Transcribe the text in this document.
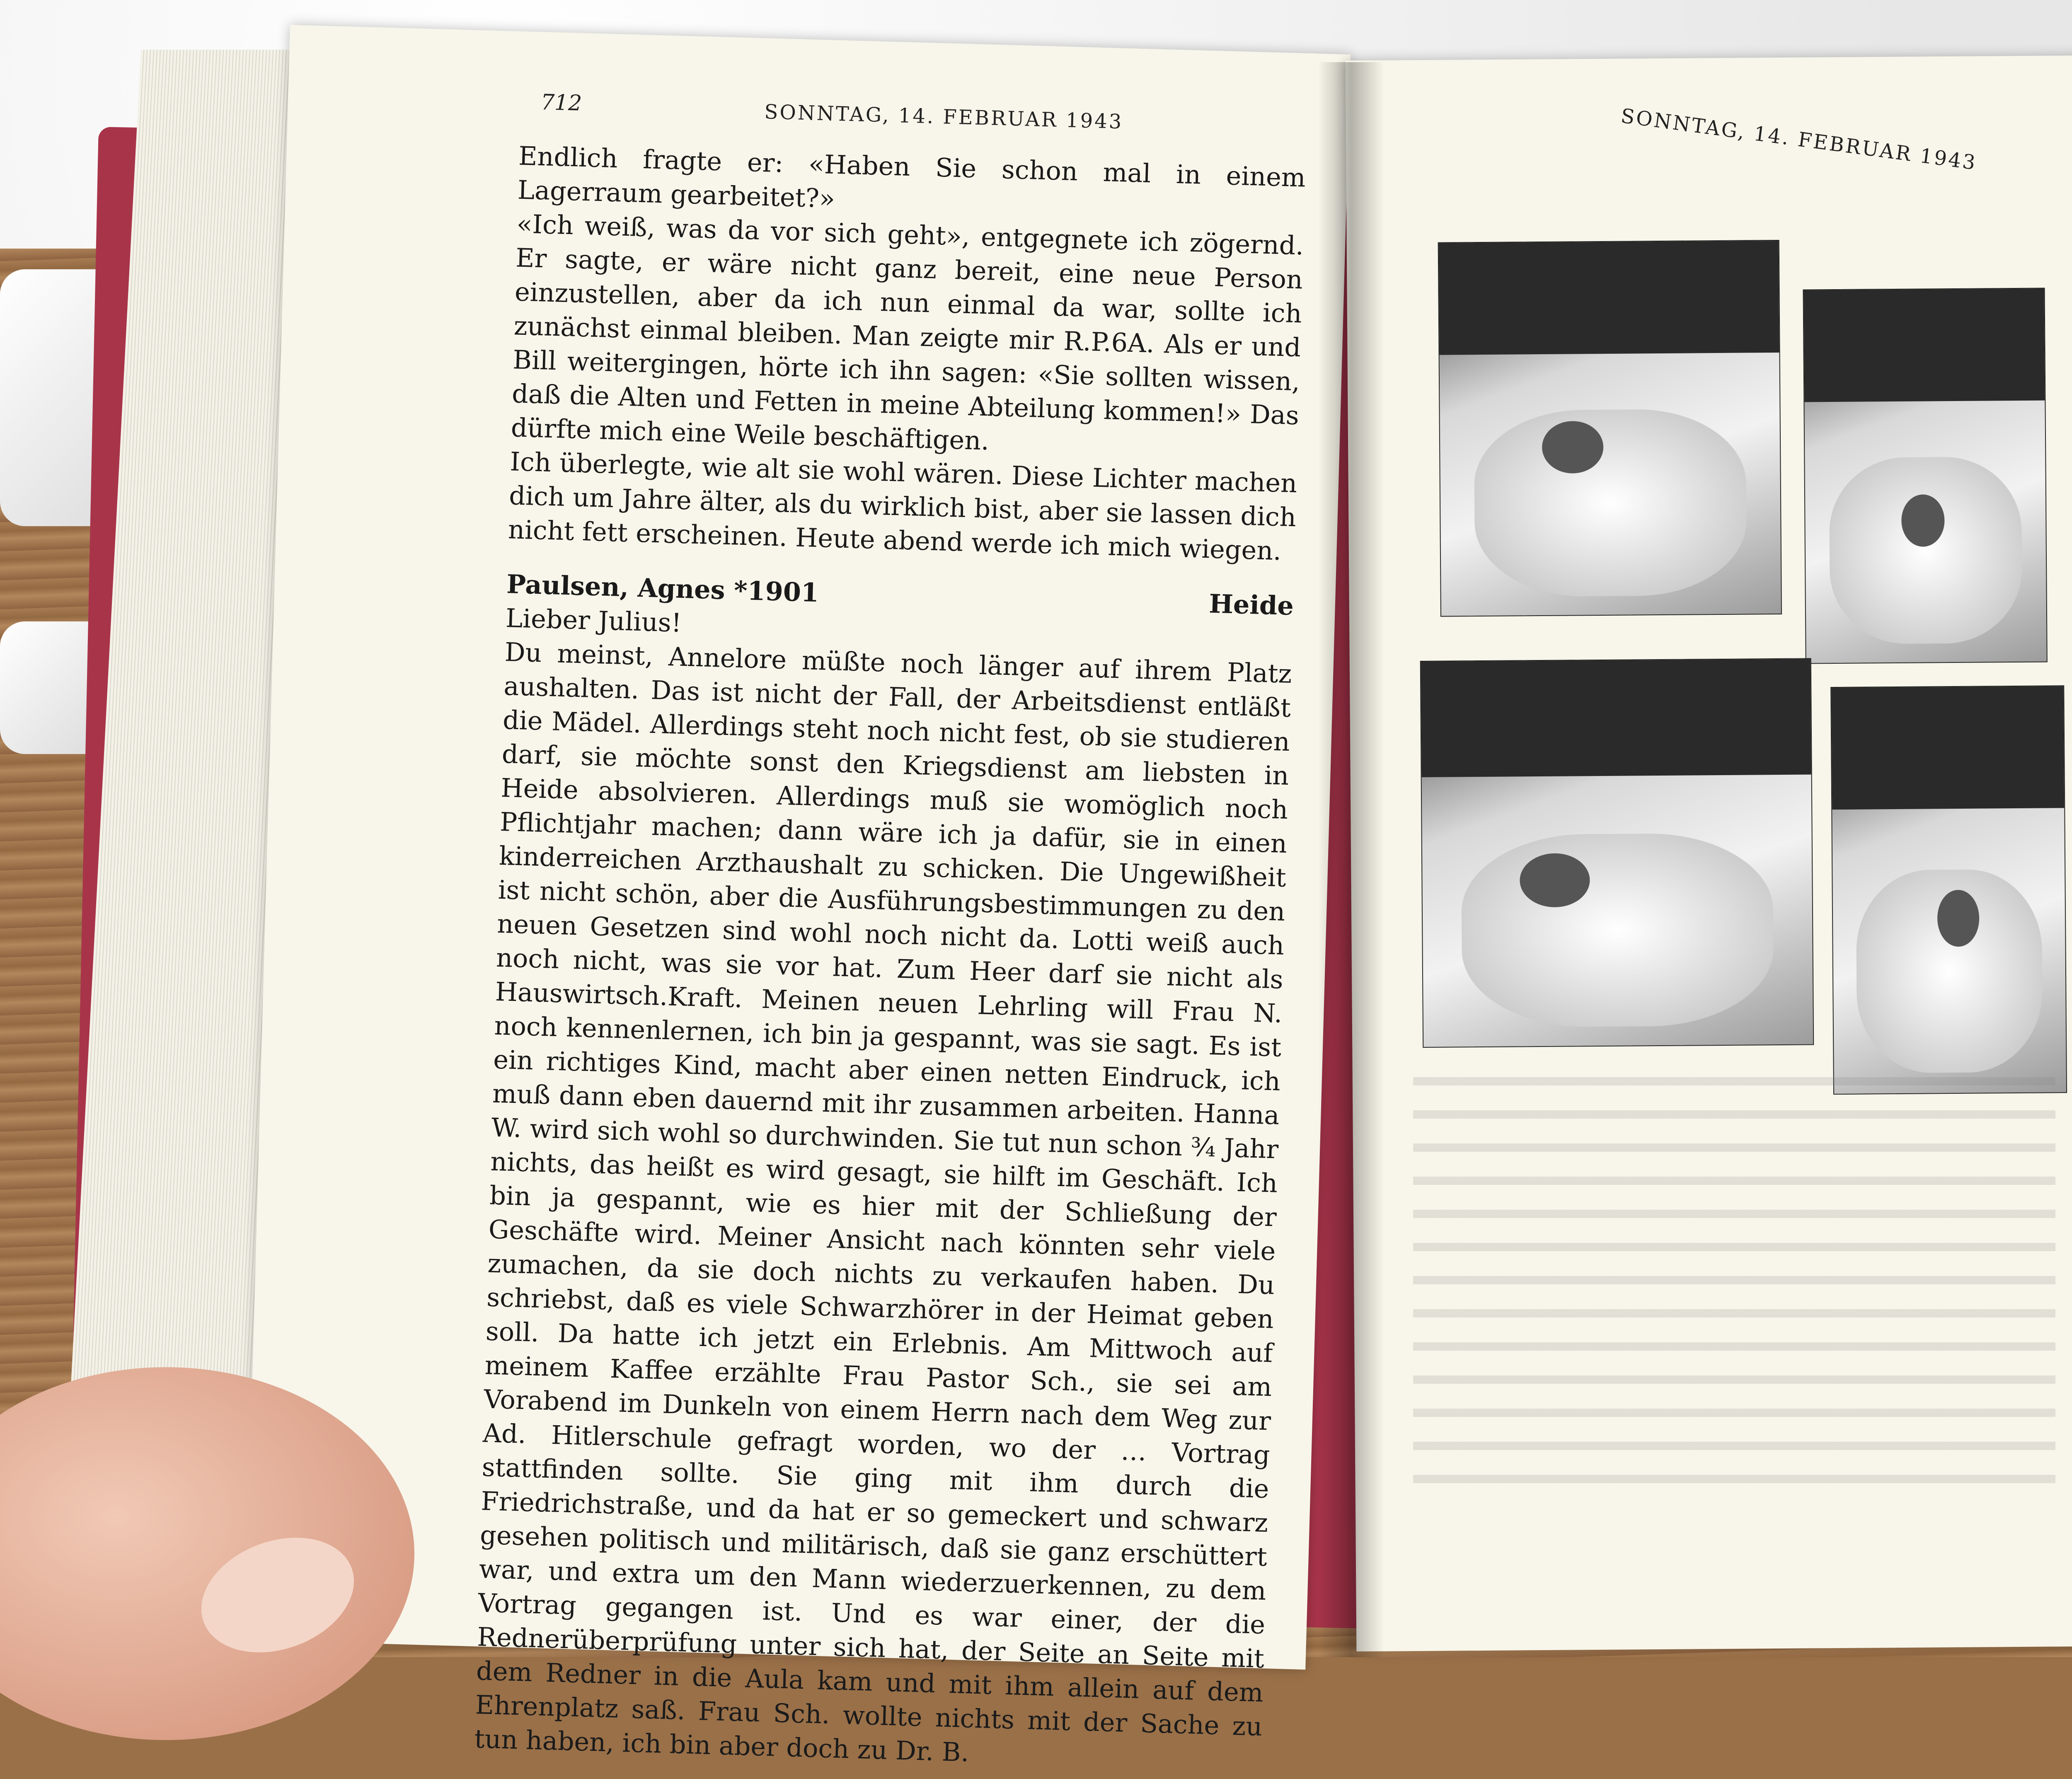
712	SONNTAG, 14. FEBRUAR 1943

Endlich fragte er: «Haben Sie schon mal in einem Lagerraum gearbeitet?»

«Ich weiß, was da vor sich geht», entgegnete ich zögernd. Er sagte, er wäre nicht ganz bereit, eine neue Person einzustellen, aber da ich nun einmal da war, sollte ich zunächst einmal bleiben. Man zeigte mir R.P.6A. Als er und Bill weitergingen, hörte ich ihn sagen: «Sie sollten wissen, daß die Alten und Fetten in meine Abteilung kommen!» Das dürfte mich eine Weile beschäftigen.

Ich überlegte, wie alt sie wohl wären. Diese Lichter machen dich um Jahre älter, als du wirklich bist, aber sie lassen dich nicht fett erscheinen. Heute abend werde ich mich wiegen.

Paulsen, Agnes *1901	Heide

Lieber Julius!

Du meinst, Annelore müßte noch länger auf ihrem Platz aushalten. Das ist nicht der Fall, der Arbeitsdienst entläßt die Mädel. Allerdings steht noch nicht fest, ob sie studieren darf, sie möchte sonst den Kriegsdienst am liebsten in Heide absolvieren. Allerdings muß sie womöglich noch Pflichtjahr machen; dann wäre ich ja dafür, sie in einen kinderreichen Arzthaushalt zu schicken. Die Ungewißheit ist nicht schön, aber die Ausführungsbestimmungen zu den neuen Gesetzen sind wohl noch nicht da. Lotti weiß auch noch nicht, was sie vor hat. Zum Heer darf sie nicht als Hauswirtsch.Kraft. Meinen neuen Lehrling will Frau N. noch kennenlernen, ich bin ja gespannt, was sie sagt. Es ist ein richtiges Kind, macht aber einen netten Eindruck, ich muß dann eben dauernd mit ihr zusammen arbeiten. Hanna W. wird sich wohl so durchwinden. Sie tut nun schon ¾ Jahr nichts, das heißt es wird gesagt, sie hilft im Geschäft. Ich bin ja gespannt, wie es hier mit der Schließung der Geschäfte wird. Meiner Ansicht nach könnten sehr viele zumachen, da sie doch nichts zu verkaufen haben. Du schriebst, daß es viele Schwarzhörer in der Heimat geben soll. Da hatte ich jetzt ein Erlebnis. Am Mittwoch auf meinem Kaffee erzählte Frau Pastor Sch., sie sei am Vorabend im Dunkeln von einem Herrn nach dem Weg zur Ad. Hitlerschule gefragt worden, wo der … Vortrag stattfinden sollte. Sie ging mit ihm durch die Friedrichstraße, und da hat er so gemeckert und schwarz gesehen politisch und militärisch, daß sie ganz erschüttert war, und extra um den Mann wiederzuerkennen, zu dem Vortrag gegangen ist. Und es war einer, der die Rednerüberprüfung unter sich hat, der Seite an Seite mit dem Redner in die Aula kam und mit ihm allein auf dem Ehrenplatz saß. Frau Sch. wollte nichts mit der Sache zu tun haben, ich bin aber doch zu Dr. B.

SONNTAG, 14. FEBRUAR 1943
